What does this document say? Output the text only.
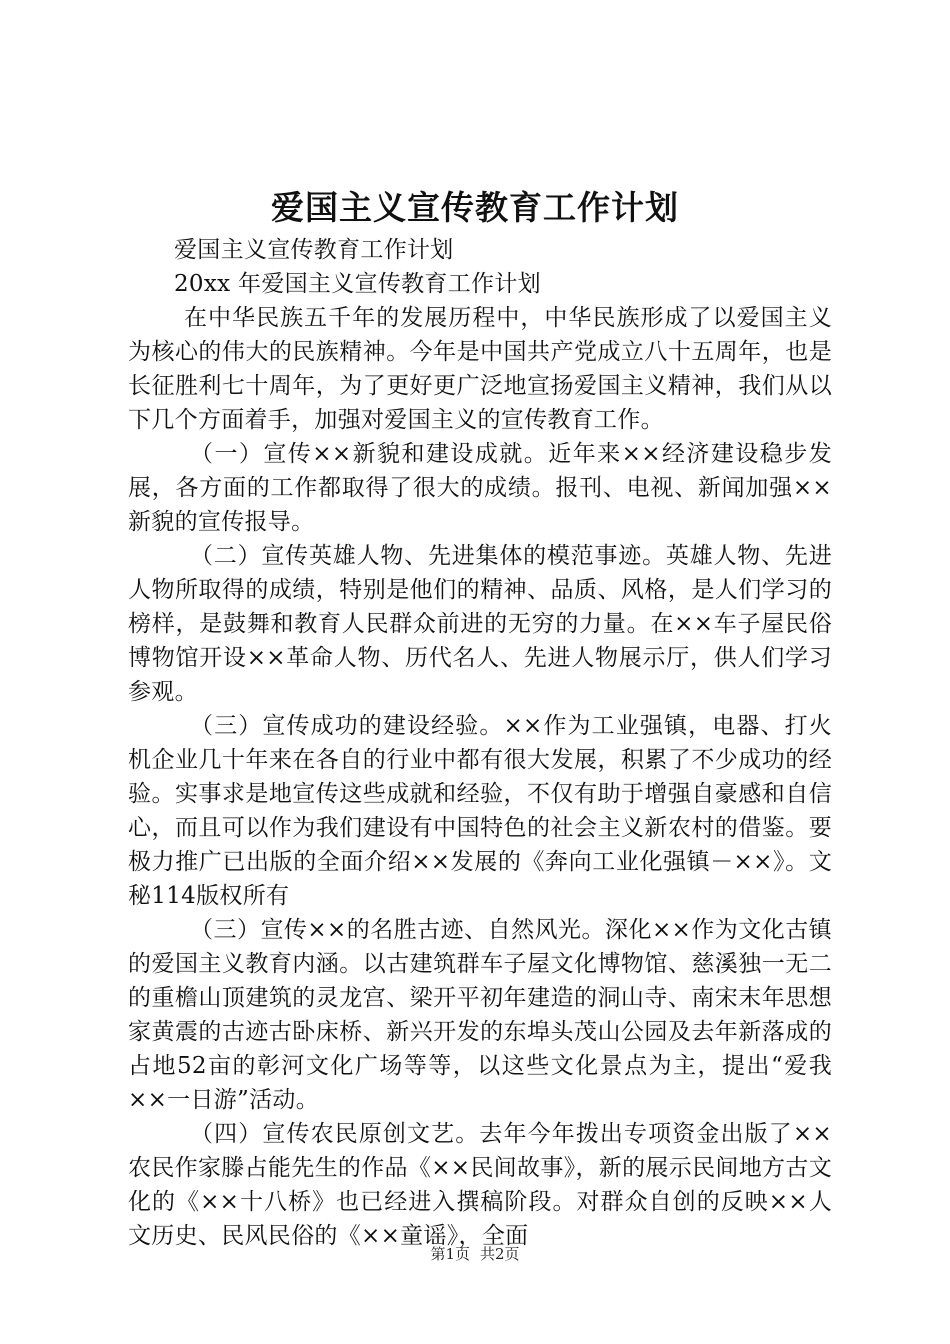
爱国主义宣传教育工作计划

爱国主义宣传教育工作计划

20xx 年爱国主义宣传教育工作计划

在中华民族五千年的发展历程中，中华民族形成了以爱国主义为核心的伟大的民族精神。今年是中国共产党成立八十五周年，也是长征胜利七十周年，为了更好更广泛地宣扬爱国主义精神，我们从以下几个方面着手，加强对爱国主义的宣传教育工作。

（一）宣传××新貌和建设成就。近年来××经济建设稳步发展，各方面的工作都取得了很大的成绩。报刊、电视、新闻加强××新貌的宣传报导。

（二）宣传英雄人物、先进集体的模范事迹。英雄人物、先进人物所取得的成绩，特别是他们的精神、品质、风格，是人们学习的榜样，是鼓舞和教育人民群众前进的无穷的力量。在××车子屋民俗博物馆开设××革命人物、历代名人、先进人物展示厅，供人们学习参观。

（三）宣传成功的建设经验。××作为工业强镇，电器、打火机企业几十年来在各自的行业中都有很大发展，积累了不少成功的经验。实事求是地宣传这些成就和经验，不仅有助于增强自豪感和自信心，而且可以作为我们建设有中国特色的社会主义新农村的借鉴。要极力推广已出版的全面介绍××发展的《奔向工业化强镇－××》。文秘114版权所有

（三）宣传××的名胜古迹、自然风光。深化××作为文化古镇的爱国主义教育内涵。以古建筑群车子屋文化博物馆、慈溪独一无二的重檐山顶建筑的灵龙宫、梁开平初年建造的洞山寺、南宋末年思想家黄震的古迹古卧床桥、新兴开发的东埠头茂山公园及去年新落成的占地52亩的彰河文化广场等等，以这些文化景点为主，提出“爱我××一日游”活动。

（四）宣传农民原创文艺。去年今年拨出专项资金出版了××农民作家滕占能先生的作品《××民间故事》，新的展示民间地方古文化的《××十八桥》也已经进入撰稿阶段。对群众自创的反映××人文历史、民风民俗的《××童谣》，全面

第1页 共2页
